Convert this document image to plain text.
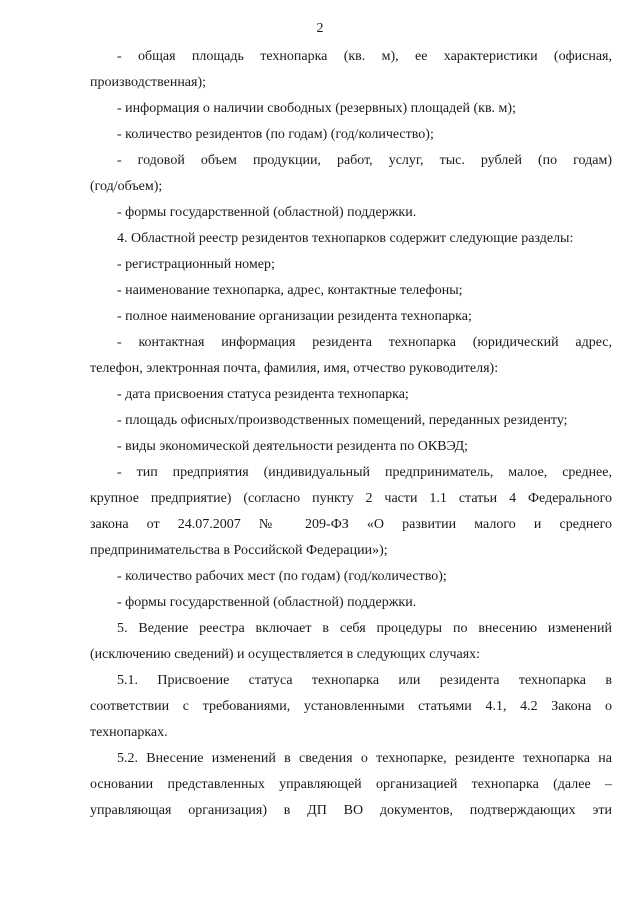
2
- общая площадь технопарка (кв. м), ее характеристики (офисная,
производственная);
- информация о наличии свободных (резервных) площадей (кв. м);
- количество резидентов (по годам) (год/количество);
- годовой объем продукции, работ, услуг, тыс. рублей (по годам)
(год/объем);
- формы государственной (областной) поддержки.
4. Областной реестр резидентов технопарков содержит следующие разделы:
- регистрационный номер;
- наименование технопарка, адрес, контактные телефоны;
- полное наименование организации резидента технопарка;
- контактная информация резидента технопарка (юридический адрес,
телефон, электронная почта, фамилия, имя, отчество руководителя):
- дата присвоения статуса резидента технопарка;
- площадь офисных/производственных помещений, переданных резиденту;
- виды экономической деятельности резидента по ОКВЭД;
- тип предприятия (индивидуальный предприниматель, малое, среднее,
крупное предприятие) (согласно пункту 2 части 1.1 статьи 4 Федерального
закона от 24.07.2007 № 209-ФЗ «О развитии малого и среднего
предпринимательства в Российской Федерации»);
- количество рабочих мест (по годам) (год/количество);
- формы государственной (областной) поддержки.
5. Ведение реестра включает в себя процедуры по внесению изменений
(исключению сведений) и осуществляется в следующих случаях:
5.1. Присвоение статуса технопарка или резидента технопарка в
соответствии с требованиями, установленными статьями 4.1, 4.2 Закона о
технопарках.
5.2. Внесение изменений в сведения о технопарке, резиденте технопарка на
основании представленных управляющей организацией технопарка (далее –
управляющая организация) в ДП ВО документов, подтверждающих эти
